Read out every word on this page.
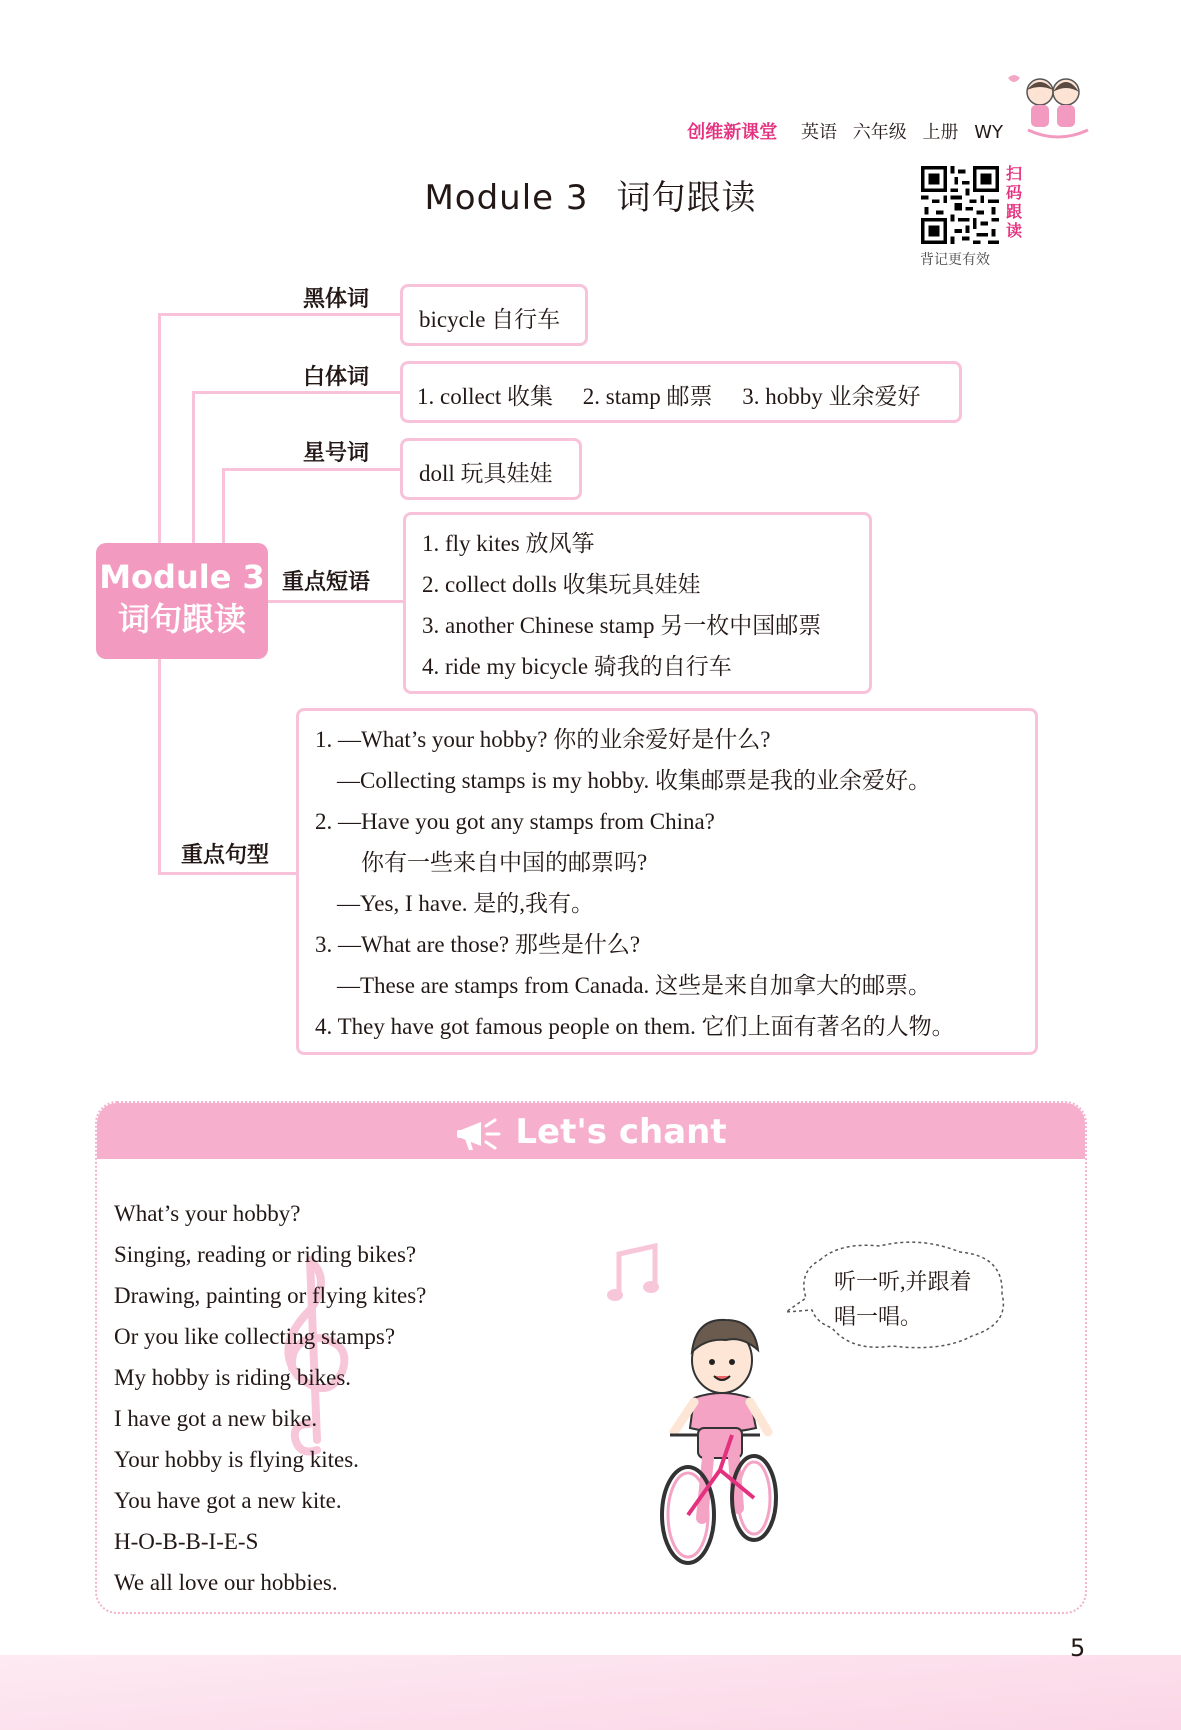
创维新课堂 英语 六年级 上册 WY
Module 3 词句跟读
扫
码
跟
读
背记更有效
Module 3
词句跟读
黑体词
白体词
星号词
重点短语
重点句型
bicycle 自行车
1. collect 收集 2. stamp 邮票 3. hobby 业余爱好
doll 玩具娃娃
1. fly kites 放风筝
2. collect dolls 收集玩具娃娃
3. another Chinese stamp 另一枚中国邮票
4. ride my bicycle 骑我的自行车
1. —What’s your hobby? 你的业余爱好是什么?
—Collecting stamps is my hobby. 收集邮票是我的业余爱好。
2. —Have you got any stamps from China?
你有一些来自中国的邮票吗?
—Yes, I have. 是的,我有。
3. —What are those? 那些是什么?
—These are stamps from Canada. 这些是来自加拿大的邮票。
4. They have got famous people on them. 它们上面有著名的人物。
Let's chant
What’s your hobby?
Singing, reading or riding bikes?
Drawing, painting or flying kites?
Or you like collecting stamps?
My hobby is riding bikes.
I have got a new bike.
Your hobby is flying kites.
You have got a new kite.
H-O-B-B-I-E-S
We all love our hobbies.
听一听,并跟着
唱一唱。
5
